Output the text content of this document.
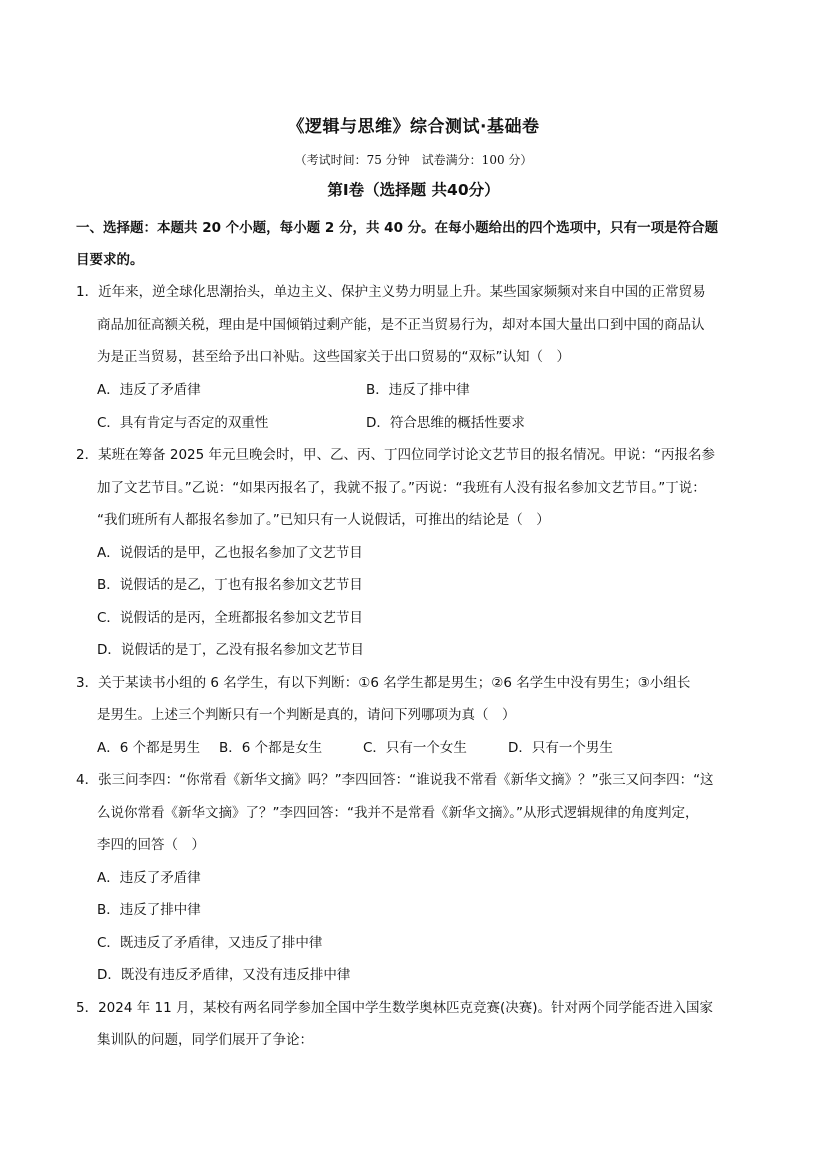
《逻辑与思维》综合测试·基础卷
（考试时间：75 分钟　试卷满分：100 分）
第Ⅰ卷（选择题 共40分）
一、选择题：本题共 20 个小题，每小题 2 分，共 40 分。在每小题给出的四个选项中，只有一项是符合题
目要求的。
1．近年来，逆全球化思潮抬头，单边主义、保护主义势力明显上升。某些国家频频对来自中国的正常贸易
商品加征高额关税，理由是中国倾销过剩产能，是不正当贸易行为，却对本国大量出口到中国的商品认
为是正当贸易，甚至给予出口补贴。这些国家关于出口贸易的“双标”认知（　）
A．违反了矛盾律	B．违反了排中律
C．具有肯定与否定的双重性	D．符合思维的概括性要求
2．某班在筹备 2025 年元旦晚会时，甲、乙、丙、丁四位同学讨论文艺节目的报名情况。甲说：“丙报名参
加了文艺节目。”乙说：“如果丙报名了，我就不报了。”丙说：“我班有人没有报名参加文艺节目。”丁说：
“我们班所有人都报名参加了。”已知只有一人说假话，可推出的结论是（　）
A．说假话的是甲，乙也报名参加了文艺节目
B．说假话的是乙，丁也有报名参加文艺节目
C．说假话的是丙，全班都报名参加文艺节目
D．说假话的是丁，乙没有报名参加文艺节目
3．关于某读书小组的 6 名学生，有以下判断：①6 名学生都是男生；②6 名学生中没有男生；③小组长
是男生。上述三个判断只有一个判断是真的，请问下列哪项为真（　）
A．6 个都是男生 B．6 个都是女生	C．只有一个女生	D．只有一个男生
4．张三问李四：“你常看《新华文摘》吗？”李四回答：“谁说我不常看《新华文摘》？”张三又问李四：“这
么说你常看《新华文摘》了？”李四回答：“我并不是常看《新华文摘》。”从形式逻辑规律的角度判定，
李四的回答（　）
A．违反了矛盾律
B．违反了排中律
C．既违反了矛盾律，又违反了排中律
D．既没有违反矛盾律，又没有违反排中律
5．2024 年 11 月，某校有两名同学参加全国中学生数学奥林匹克竞赛(决赛)。针对两个同学能否进入国家
集训队的问题，同学们展开了争论：
